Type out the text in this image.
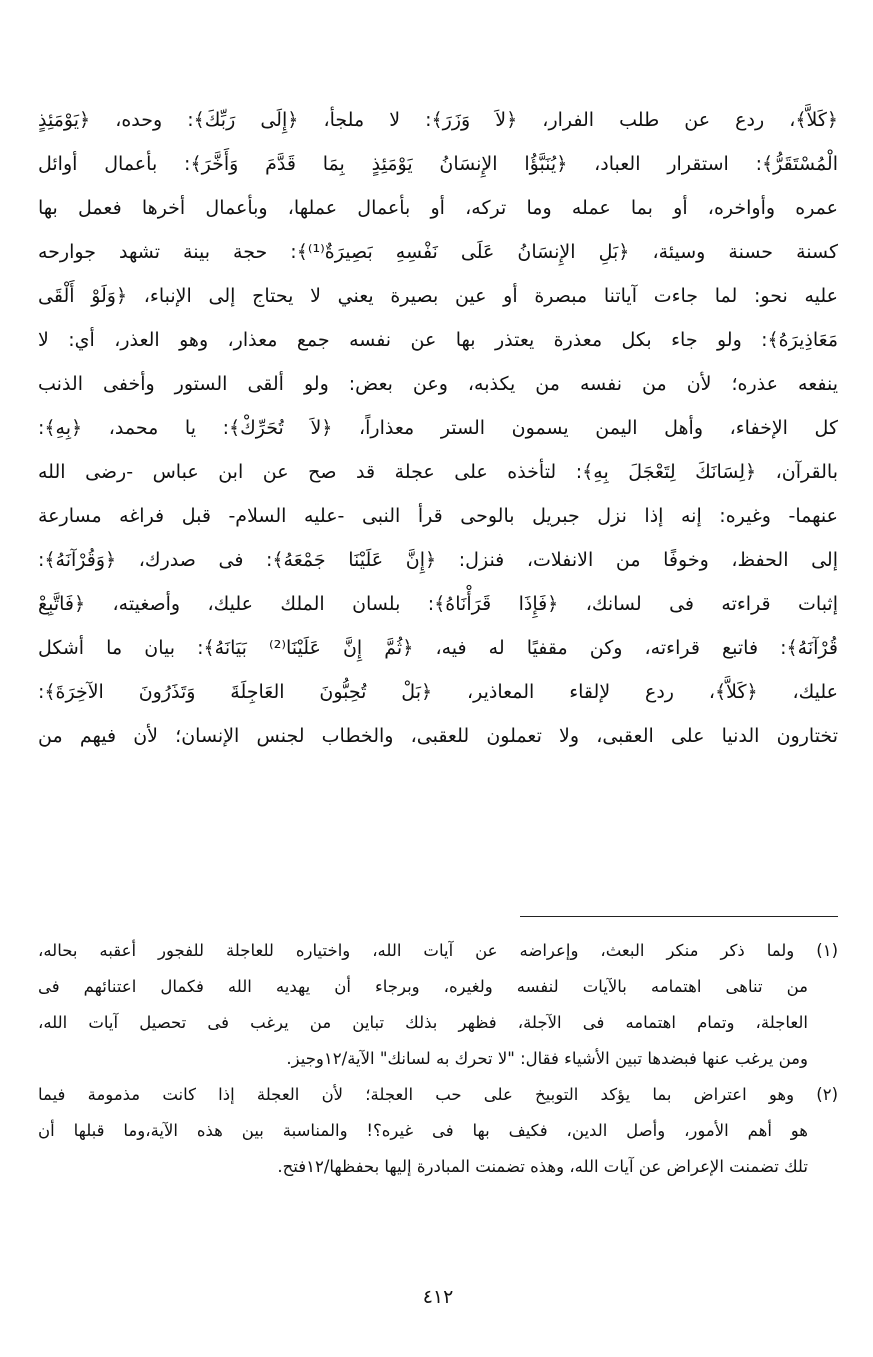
﴿كَلاَّ﴾، ردع عن طلب الفرار، ﴿لاَ وَزَرَ﴾: لا ملجأ، ﴿إِلَى رَبِّكَ﴾: وحده، ﴿يَوْمَئِذٍ
الْمُسْتَقَرُّ﴾: استقرار العباد، ﴿يُنَبَّؤُا الإِنسَانُ يَوْمَئِذٍ بِمَا قَدَّمَ وَأَخَّرَ﴾: بأعمال أوائل
عمره وأواخره، أو بما عمله وما تركه، أو بأعمال عملها، وبأعمال أخرها فعمل بها
كسنة حسنة وسيئة، ﴿بَلِ الإِنسَانُ عَلَى نَفْسِهِ بَصِيرَةٌ⁽¹⁾﴾: حجة بينة تشهد جوارحه
عليه نحو: لما جاءت آياتنا مبصرة أو عين بصيرة يعني لا يحتاج إلى الإنباء، ﴿وَلَوْ أَلْقَى
مَعَاذِيرَهُ﴾: ولو جاء بكل معذرة يعتذر بها عن نفسه جمع معذار، وهو العذر، أي: لا
ينفعه عذره؛ لأن من نفسه من يكذبه، وعن بعض: ولو ألقى الستور وأخفى الذنب
كل الإخفاء، وأهل اليمن يسمون الستر معذاراً، ﴿لاَ تُحَرِّكْ﴾: يا محمد، ﴿بِهِ﴾:
بالقرآن، ﴿لِسَانَكَ لِتَعْجَلَ بِهِ﴾: لتأخذه على عجلة قد صح عن ابن عباس -رضى الله
عنهما- وغيره: إنه إذا نزل جبريل بالوحى قرأ النبى -عليه السلام- قبل فراغه مسارعة
إلى الحفظ، وخوفًا من الانفلات، فنزل: ﴿إِنَّ عَلَيْنَا جَمْعَهُ﴾: فى صدرك، ﴿وَقُرْآنَهُ﴾:
إثبات قراءته فى لسانك، ﴿فَإِذَا قَرَأْنَاهُ﴾: بلسان الملك عليك، وأصغيته، ﴿فَاتَّبِعْ
قُرْآنَهُ﴾: فاتبع قراءته، وكن مقفيًا له فيه، ﴿ثُمَّ إِنَّ عَلَيْنَا⁽²⁾ بَيَانَهُ﴾: بيان ما أشكل
عليك، ﴿كَلاَّ﴾، ردع لإلقاء المعاذير، ﴿بَلْ تُحِبُّونَ العَاجِلَةَ وَتَذَرُونَ الآخِرَةَ﴾:
تختارون الدنيا على العقبى، ولا تعملون للعقبى، والخطاب لجنس الإنسان؛ لأن فيهم من
(١) ولما ذكر منكر البعث، وإعراضه عن آيات الله، واختياره للعاجلة للفجور أعقبه بحاله،
من تناهى اهتمامه بالآيات لنفسه ولغيره، وبرجاء أن يهديه الله فكمال اعتنائهم فى
العاجلة، وتمام اهتمامه فى الآجلة، فظهر بذلك تباين من يرغب فى تحصيل آيات الله،
ومن يرغب عنها فبضدها تبين الأشياء فقال: "لا تحرك به لسانك" الآية/١٢وجيز.
(٢) وهو اعتراض بما يؤكد التوبيخ على حب العجلة؛ لأن العجلة إذا كانت مذمومة فيما
هو أهم الأمور، وأصل الدين، فكيف بها فى غيره؟! والمناسبة بين هذه الآية،وما قبلها أن
تلك تضمنت الإعراض عن آيات الله، وهذه تضمنت المبادرة إليها بحفظها/١٢فتح.
٤١٢
